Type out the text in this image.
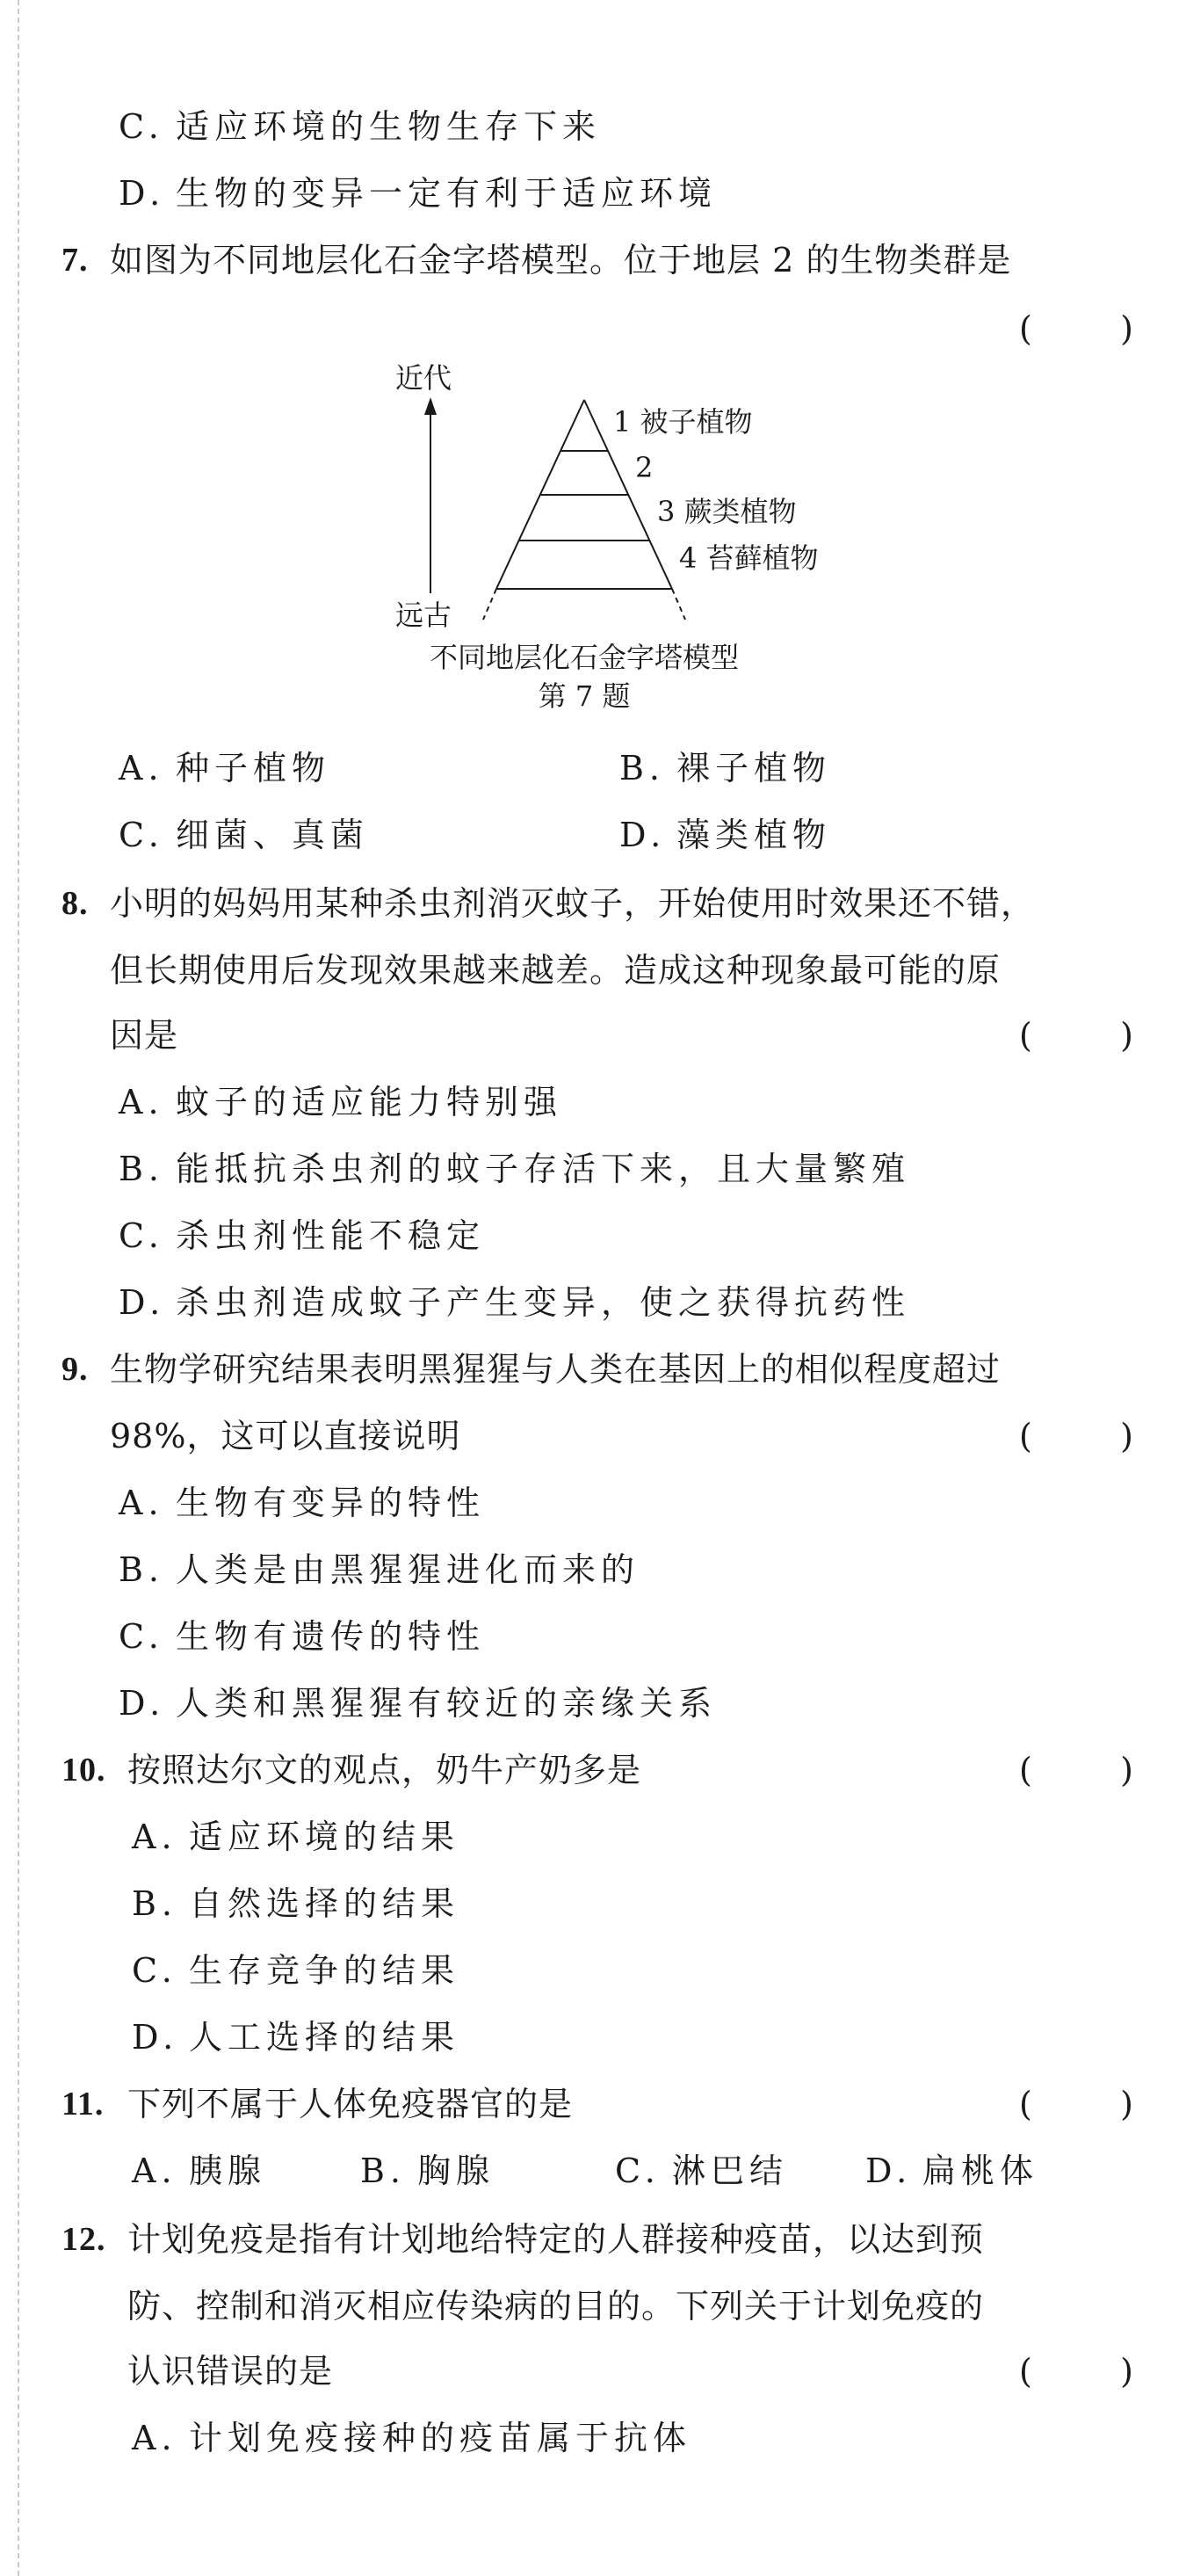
C. 适应环境的生物生存下来
D. 生物的变异一定有利于适应环境
7. 如图为不同地层化石金字塔模型。位于地层 2 的生物类群是
(	)
近代
远古
1 被子植物
2
3 蕨类植物
4 苔藓植物
不同地层化石金字塔模型
第 7 题
A. 种子植物	B. 裸子植物
C. 细菌、真菌	D. 藻类植物
8. 小明的妈妈用某种杀虫剂消灭蚊子，开始使用时效果还不错，
但长期使用后发现效果越来越差。造成这种现象最可能的原
因是	(	)
A. 蚊子的适应能力特别强
B. 能抵抗杀虫剂的蚊子存活下来，且大量繁殖
C. 杀虫剂性能不稳定
D. 杀虫剂造成蚊子产生变异，使之获得抗药性
9. 生物学研究结果表明黑猩猩与人类在基因上的相似程度超过
98%，这可以直接说明	(	)
A. 生物有变异的特性
B. 人类是由黑猩猩进化而来的
C. 生物有遗传的特性
D. 人类和黑猩猩有较近的亲缘关系
10. 按照达尔文的观点，奶牛产奶多是	(	)
A. 适应环境的结果
B. 自然选择的结果
C. 生存竞争的结果
D. 人工选择的结果
11. 下列不属于人体免疫器官的是	(	)
A. 胰腺	B. 胸腺	C. 淋巴结 D. 扁桃体
12. 计划免疫是指有计划地给特定的人群接种疫苗，以达到预
防、控制和消灭相应传染病的目的。下列关于计划免疫的
认识错误的是	(	)
A. 计划免疫接种的疫苗属于抗体
